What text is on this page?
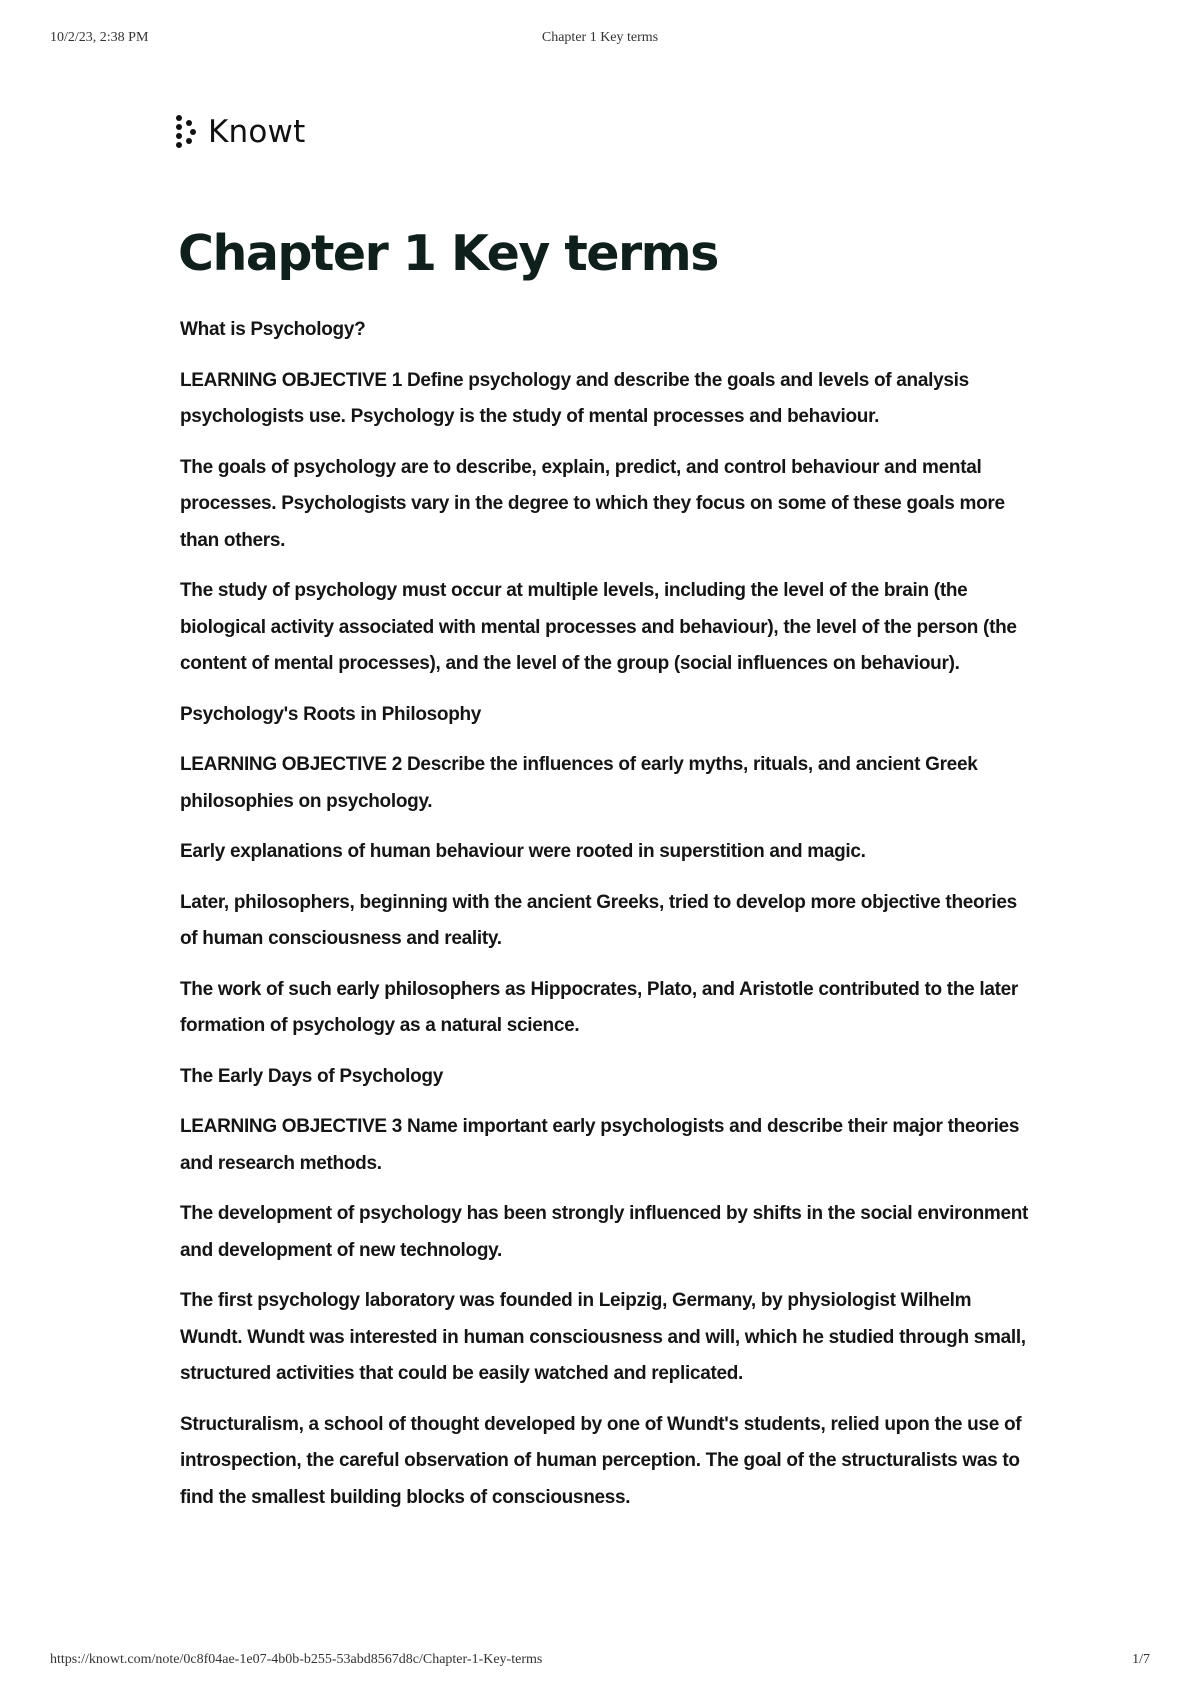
10/2/23, 2:38 PM	Chapter 1 Key terms
Knowt
Chapter 1 Key terms

What is Psychology?

LEARNING OBJECTIVE 1 Define psychology and describe the goals and levels of analysis psychologists use. Psychology is the study of mental processes and behaviour.

The goals of psychology are to describe, explain, predict, and control behaviour and mental processes. Psychologists vary in the degree to which they focus on some of these goals more than others.

The study of psychology must occur at multiple levels, including the level of the brain (the biological activity associated with mental processes and behaviour), the level of the person (the content of mental processes), and the level of the group (social influences on behaviour).

Psychology's Roots in Philosophy

LEARNING OBJECTIVE 2 Describe the influences of early myths, rituals, and ancient Greek philosophies on psychology.

Early explanations of human behaviour were rooted in superstition and magic.

Later, philosophers, beginning with the ancient Greeks, tried to develop more objective theories of human consciousness and reality.

The work of such early philosophers as Hippocrates, Plato, and Aristotle contributed to the later formation of psychology as a natural science.

The Early Days of Psychology

LEARNING OBJECTIVE 3 Name important early psychologists and describe their major theories and research methods.

The development of psychology has been strongly influenced by shifts in the social environment and development of new technology.

The first psychology laboratory was founded in Leipzig, Germany, by physiologist Wilhelm Wundt. Wundt was interested in human consciousness and will, which he studied through small, structured activities that could be easily watched and replicated.

Structuralism, a school of thought developed by one of Wundt's students, relied upon the use of introspection, the careful observation of human perception. The goal of the structuralists was to find the smallest building blocks of consciousness.

https://knowt.com/note/0c8f04ae-1e07-4b0b-b255-53abd8567d8c/Chapter-1-Key-terms	1/7
